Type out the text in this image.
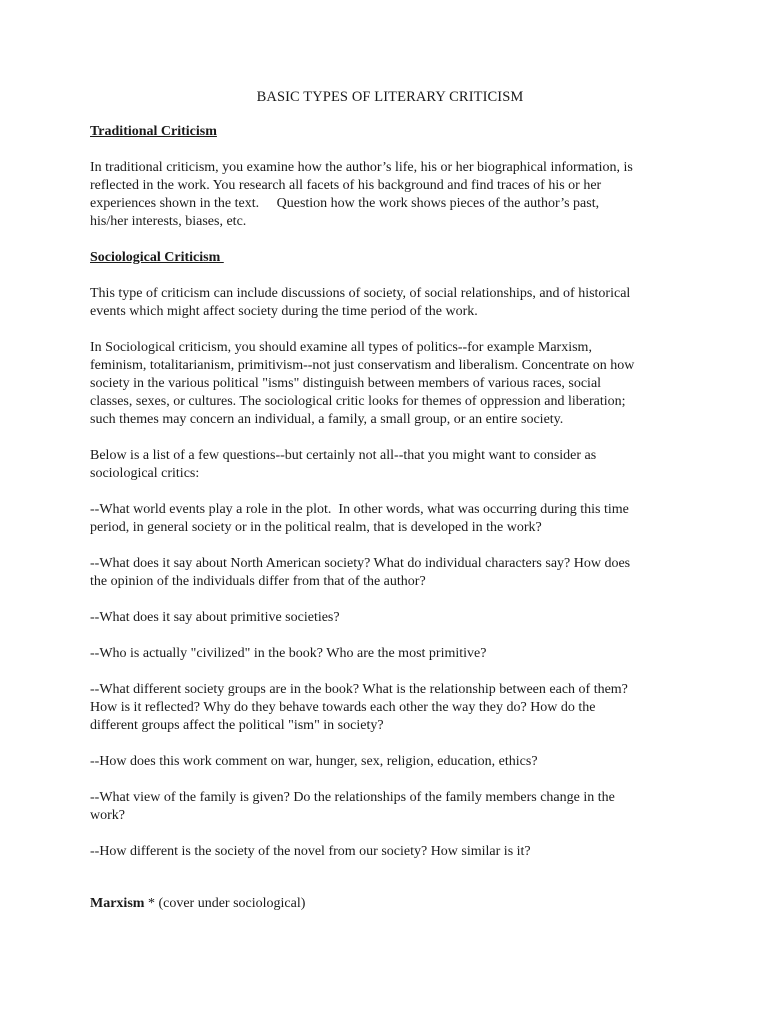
BASIC TYPES OF LITERARY CRITICISM
Traditional Criticism

In traditional criticism, you examine how the author’s life, his or her biographical information, is
reflected in the work. You research all facets of his background and find traces of his or her
experiences shown in the text.     Question how the work shows pieces of the author’s past,
his/her interests, biases, etc.

Sociological Criticism

This type of criticism can include discussions of society, of social relationships, and of historical
events which might affect society during the time period of the work.

In Sociological criticism, you should examine all types of politics--for example Marxism,
feminism, totalitarianism, primitivism--not just conservatism and liberalism. Concentrate on how
society in the various political "isms" distinguish between members of various races, social
classes, sexes, or cultures. The sociological critic looks for themes of oppression and liberation;
such themes may concern an individual, a family, a small group, or an entire society.

Below is a list of a few questions--but certainly not all--that you might want to consider as
sociological critics:

--What world events play a role in the plot.  In other words, what was occurring during this time
period, in general society or in the political realm, that is developed in the work?

--What does it say about North American society? What do individual characters say? How does
the opinion of the individuals differ from that of the author?

--What does it say about primitive societies?

--Who is actually "civilized" in the book? Who are the most primitive?

--What different society groups are in the book? What is the relationship between each of them?
How is it reflected? Why do they behave towards each other the way they do? How do the
different groups affect the political "ism" in society?

--How does this work comment on war, hunger, sex, religion, education, ethics?

--What view of the family is given? Do the relationships of the family members change in the
work?

--How different is the society of the novel from our society? How similar is it?

Marxism * (cover under sociological)
